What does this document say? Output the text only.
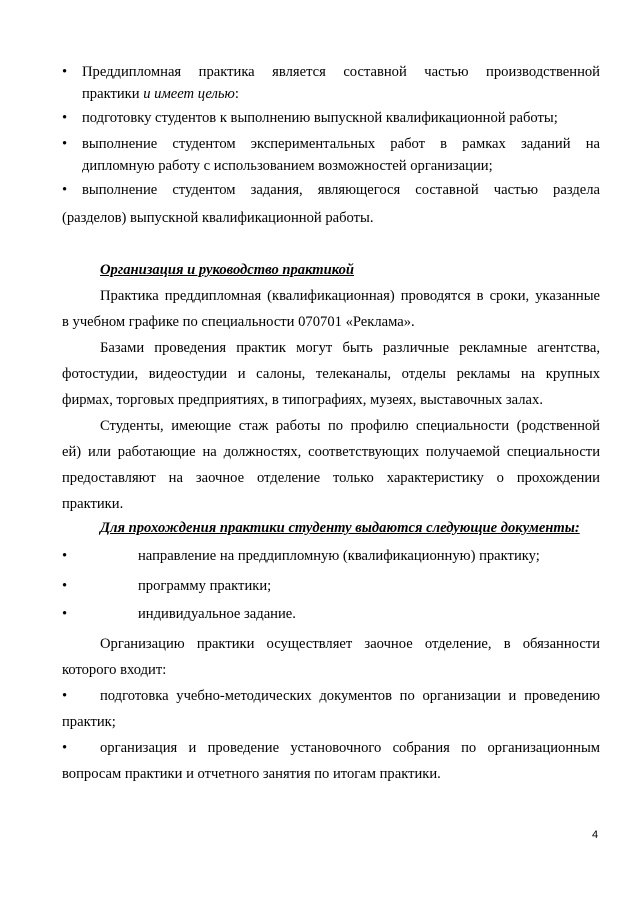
• Преддипломная практика является составной частью производственной
практики и имеет целью:
• подготовку студентов к выполнению выпускной квалификационной работы;
• выполнение студентом экспериментальных работ в рамках заданий на
дипломную работу с использованием возможностей организации;
• выполнение студентом задания, являющегося составной частью раздела
(разделов) выпускной квалификационной работы.
Организация и руководство практикой
Практика преддипломная (квалификационная) проводятся в сроки, указанные
в учебном графике по специальности 070701 «Реклама».
Базами проведения практик могут быть различные рекламные агентства,
фотостудии, видеостудии и салоны, телеканалы, отделы рекламы на крупных
фирмах, торговых предприятиях, в типографиях, музеях, выставочных залах.
Студенты, имеющие стаж работы по профилю специальности (родственной
ей) или работающие на должностях, соответствующих получаемой специальности
предоставляют на заочное отделение только характеристику о прохождении
практики.
Для прохождения практики студенту выдаются следующие документы:
•	направление на преддипломную (квалификационную) практику;
•	программу практики;
•	индивидуальное задание.
Организацию практики осуществляет заочное отделение, в обязанности
которого входит:
• подготовка учебно-методических документов по организации и проведению
практик;
• организация и проведение установочного собрания по организационным
вопросам практики и отчетного занятия по итогам практики.
4
